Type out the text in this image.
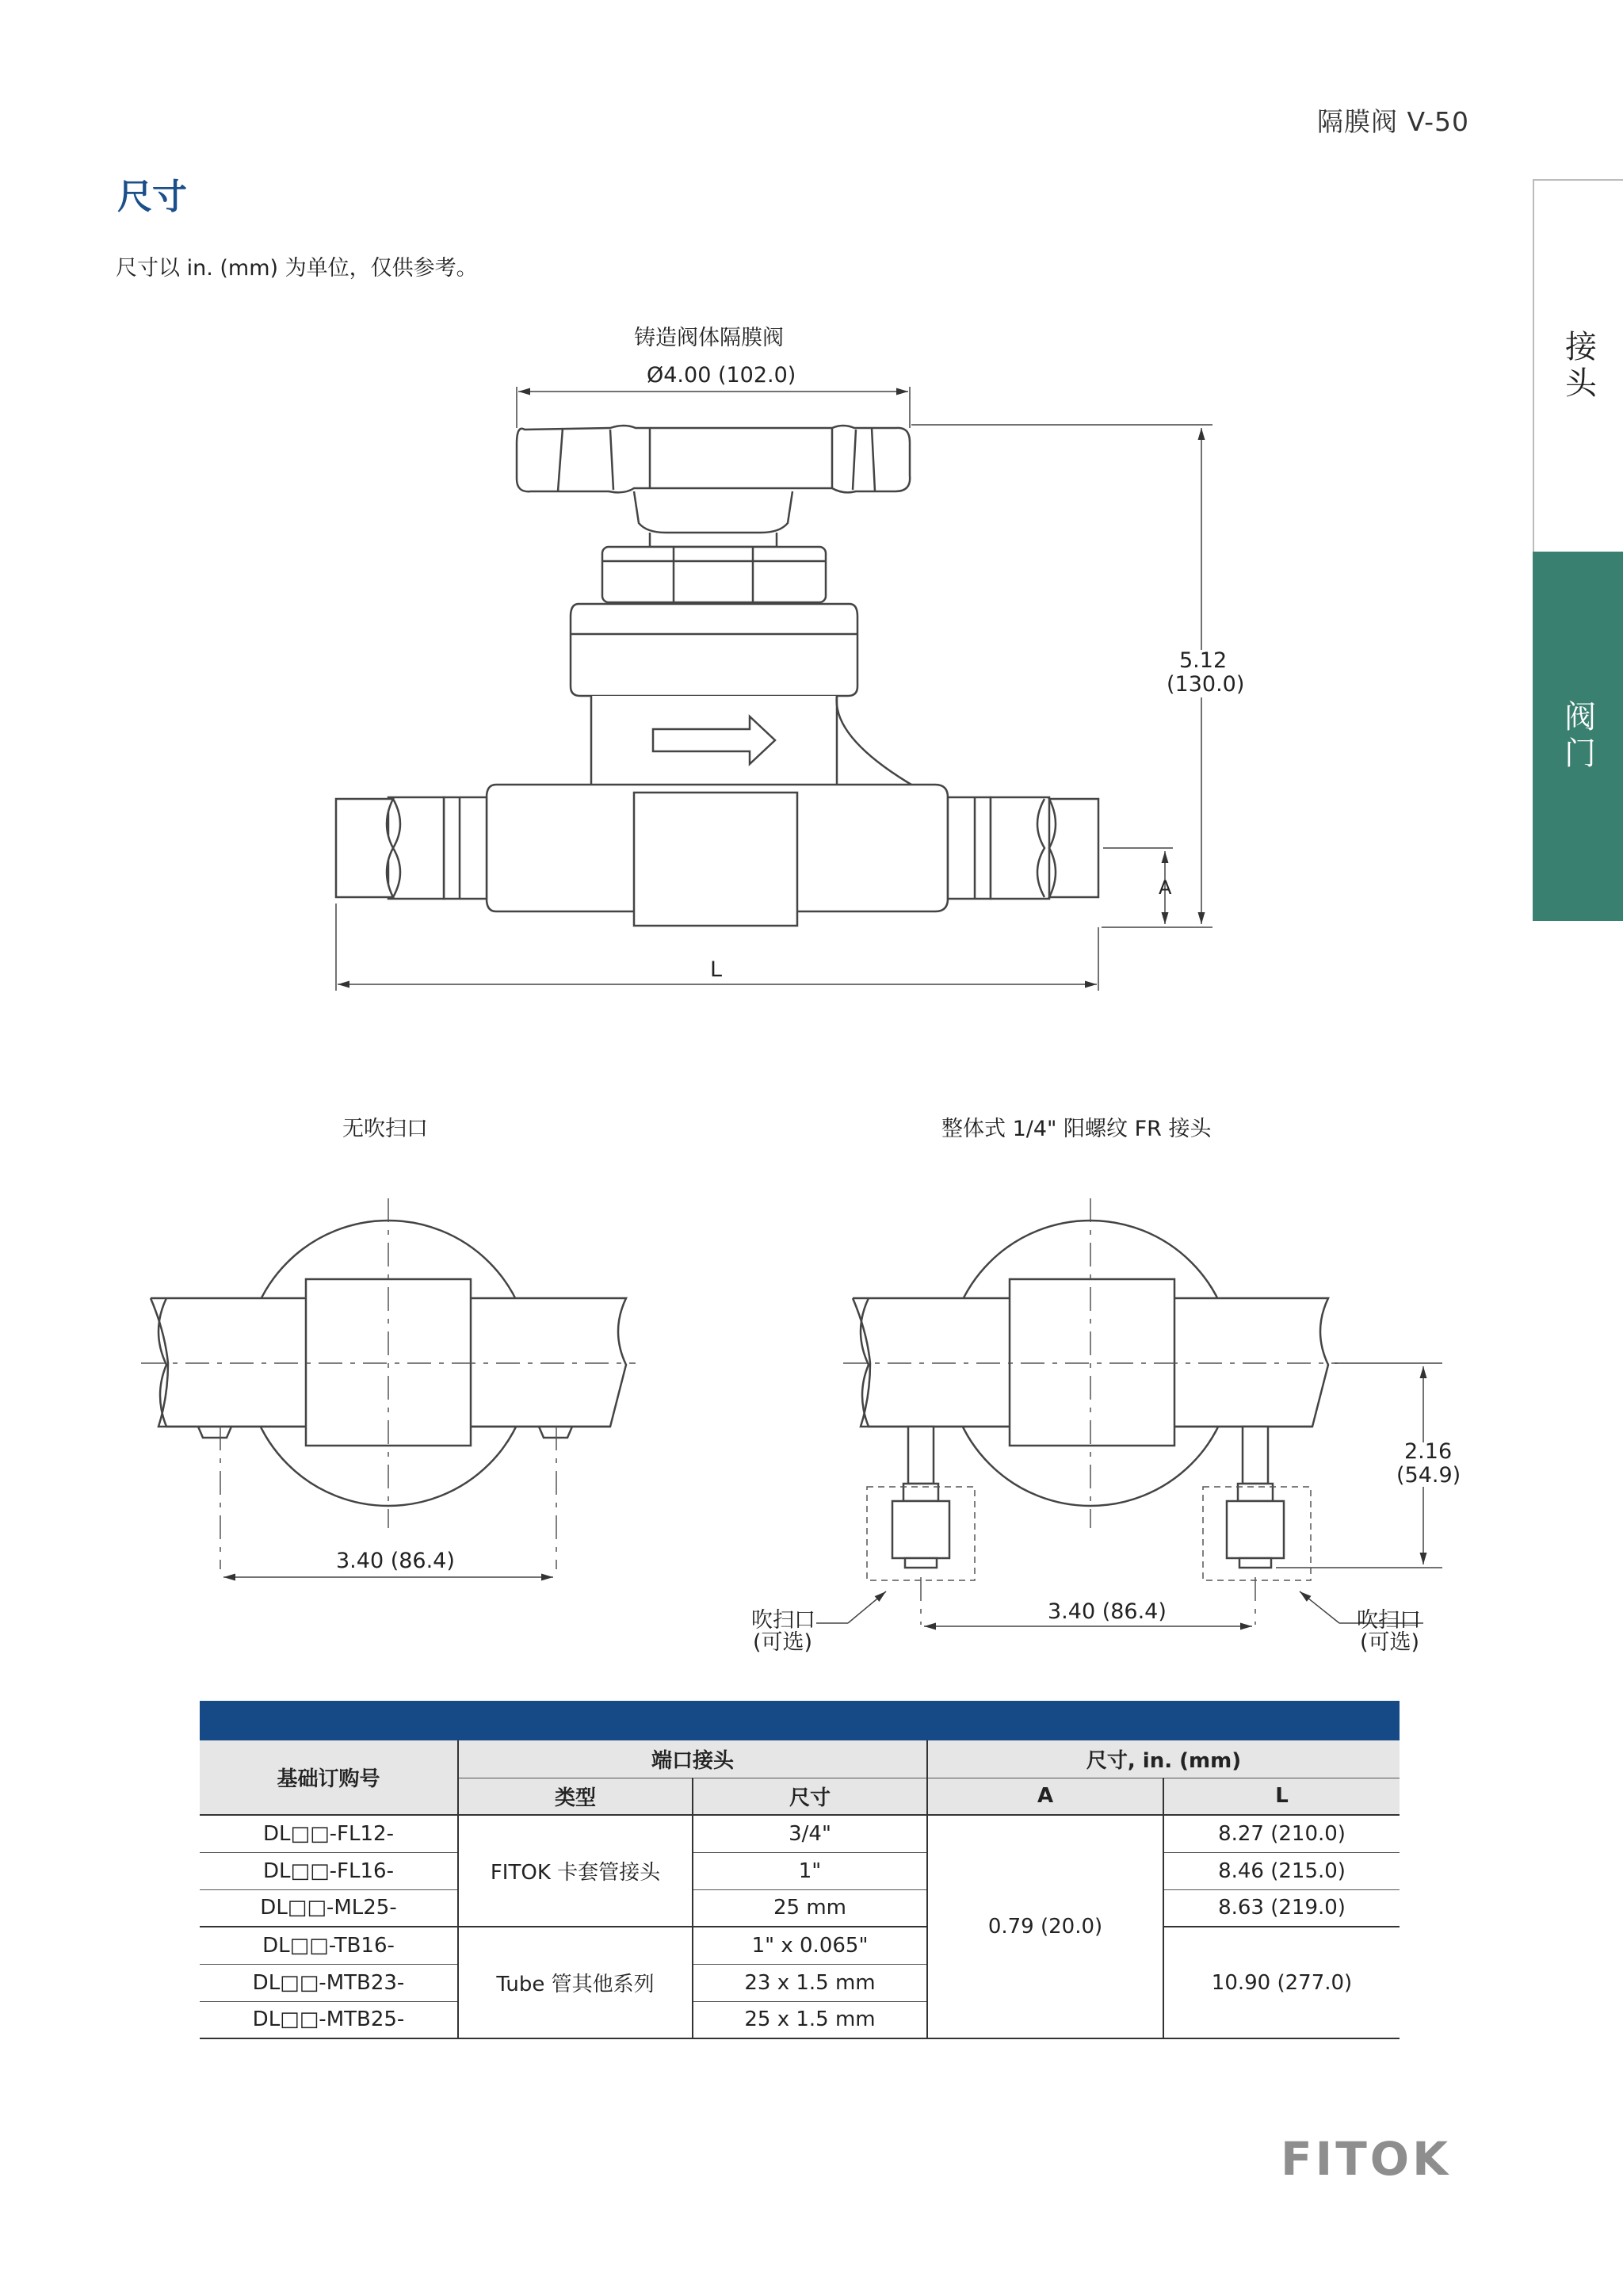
隔膜阀 V-50
尺寸
尺寸以 in. (mm) 为单位，仅供参考。
接头
阀门
铸造阀体隔膜阀
Ø4.00 (102.0)
5.12
(130.0)
A
L
无吹扫口
3.40 (86.4)
整体式 1/4" 阳螺纹 FR 接头
2.16
(54.9)
3.40 (86.4)
吹扫口
(可选)
吹扫口
(可选)
基础订购号	端口接头		尺寸, in. (mm)	
	类型	尺寸	A	L
DL□□-FL12-	FITOK 卡套管接头	3/4"	0.79 (20.0)	8.27 (210.0)
DL□□-FL16-		1"		8.46 (215.0)
DL□□-ML25-		25 mm		8.63 (219.0)
DL□□-TB16-	Tube 管其他系列	1" x 0.065"		10.90 (277.0)
DL□□-MTB23-		23 x 1.5 mm		
DL□□-MTB25-		25 x 1.5 mm		
FITOK
